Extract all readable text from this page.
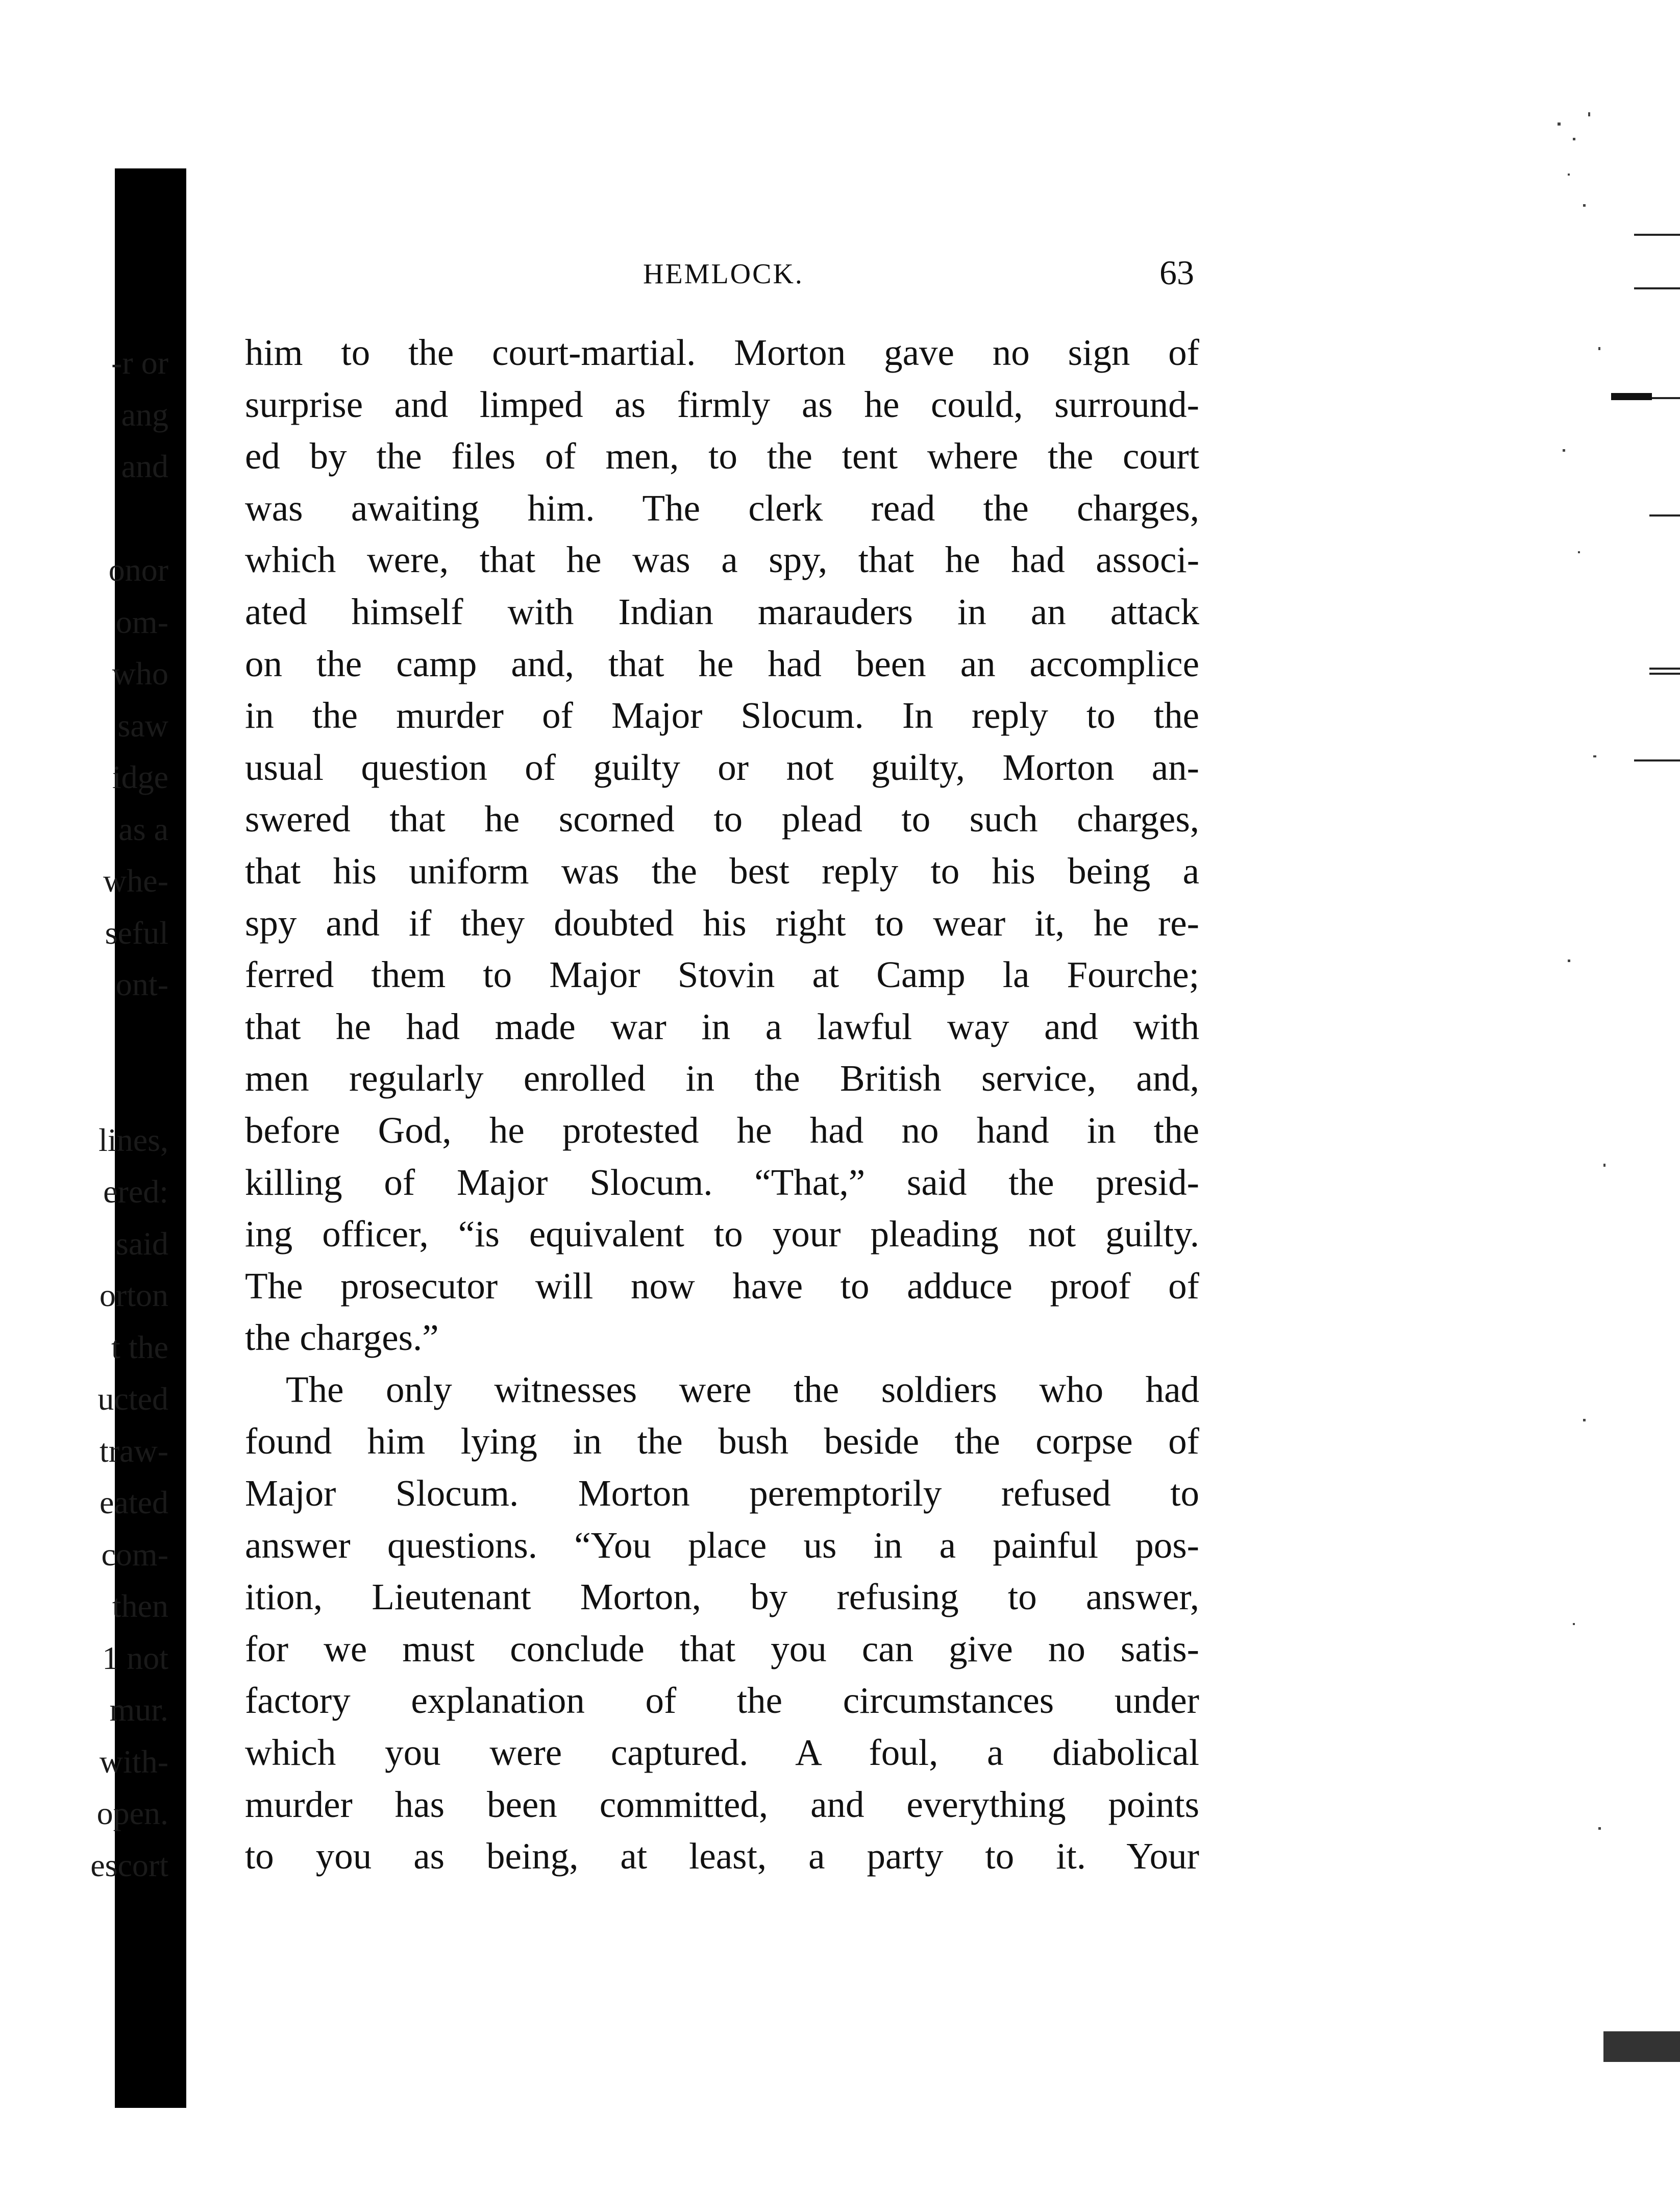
-r or
ang
and
onor
om-
who
saw
idge
as a
whe-
seful
ont-
lines,
ered:
said
orton
t the
ucted
traw-
eated
com-
then
1 not
mur.
with-
open.
escort
HEMLOCK.	63
him to the court-martial. Morton gave no sign of
surprise and limped as firmly as he could, surround-
ed by the files of men, to the tent where the court
was awaiting him. The clerk read the charges,
which were, that he was a spy, that he had associ-
ated himself with Indian marauders in an attack
on the camp and, that he had been an accomplice
in the murder of Major Slocum. In reply to the
usual question of guilty or not guilty, Morton an-
swered that he scorned to plead to such charges,
that his uniform was the best reply to his being a
spy and if they doubted his right to wear it, he re-
ferred them to Major Stovin at Camp la Fourche;
that he had made war in a lawful way and with
men regularly enrolled in the British service, and,
before God, he protested he had no hand in the
killing of Major Slocum. “That,” said the presid-
ing officer, “is equivalent to your pleading not guilty.
The prosecutor will now have to adduce proof of
the charges.”
The only witnesses were the soldiers who had
found him lying in the bush beside the corpse of
Major Slocum. Morton peremptorily refused to
answer questions. “You place us in a painful pos-
ition, Lieutenant Morton, by refusing to answer,
for we must conclude that you can give no satis-
factory explanation of the circumstances under
which you were captured. A foul, a diabolical
murder has been committed, and everything points
to you as being, at least, a party to it. Your
